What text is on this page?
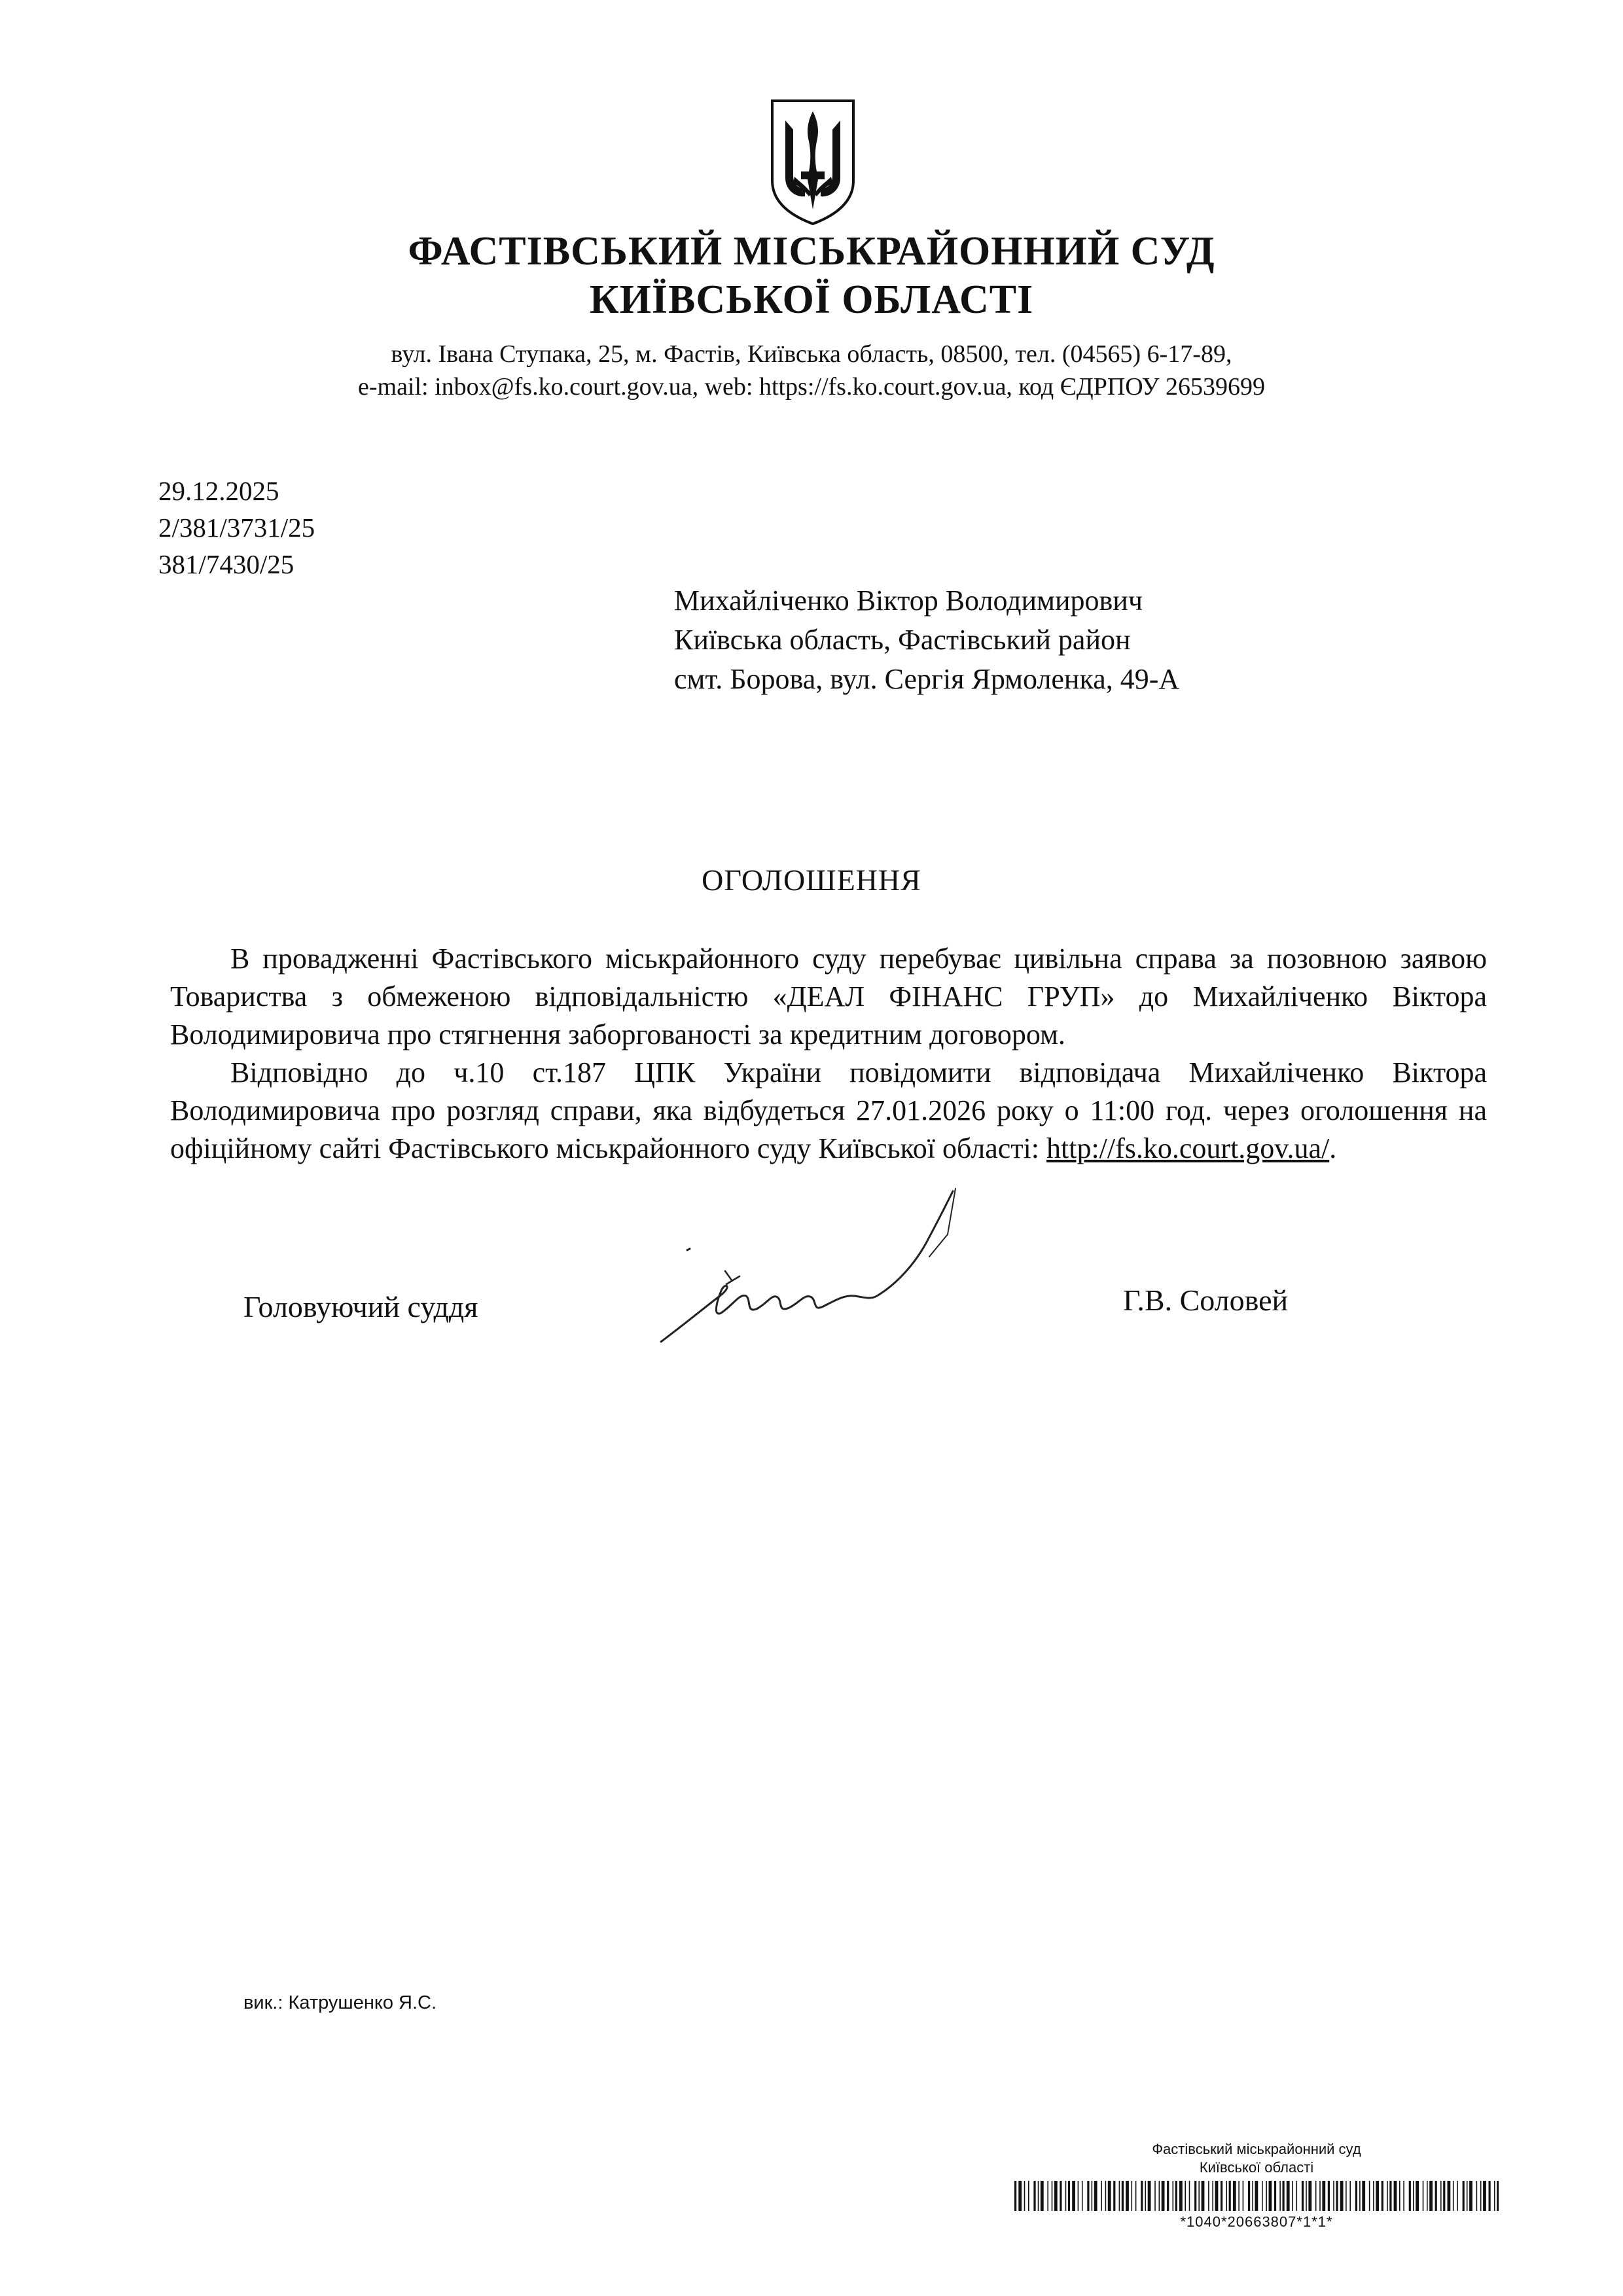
ФАСТІВСЬКИЙ МІСЬКРАЙОННИЙ СУД
КИЇВСЬКОЇ ОБЛАСТІ
вул. Івана Ступака, 25, м. Фастів, Київська область, 08500, тел. (04565) 6-17-89,
e-mail: inbox@fs.ko.court.gov.ua, web: https://fs.ko.court.gov.ua, код ЄДРПОУ 26539699
29.12.2025
2/381/3731/25
381/7430/25
Михайліченко Віктор Володимирович
Київська область, Фастівський район
смт. Борова, вул. Сергія Ярмоленка, 49-А
ОГОЛОШЕННЯ

В провадженні Фастівського міськрайонного суду перебуває цивільна справа за позовною заявою Товариства з обмеженою відповідальністю «ДЕАЛ ФІНАНС ГРУП» до Михайліченко Віктора Володимировича про стягнення заборгованості за кредитним договором.

Відповідно до ч.10 ст.187 ЦПК України повідомити відповідача Михайліченко Віктора Володимировича про розгляд справи, яка відбудеться 27.01.2026 року о 11:00 год. через оголошення на офіційному сайті Фастівського міськрайонного суду Київської області: http://fs.ko.court.gov.ua/.

Головуючий суддя	Г.В. Соловей
вик.: Катрушенко Я.С.
Фастівський міськрайонний суд
Київської області
*1040*20663807*1*1*
